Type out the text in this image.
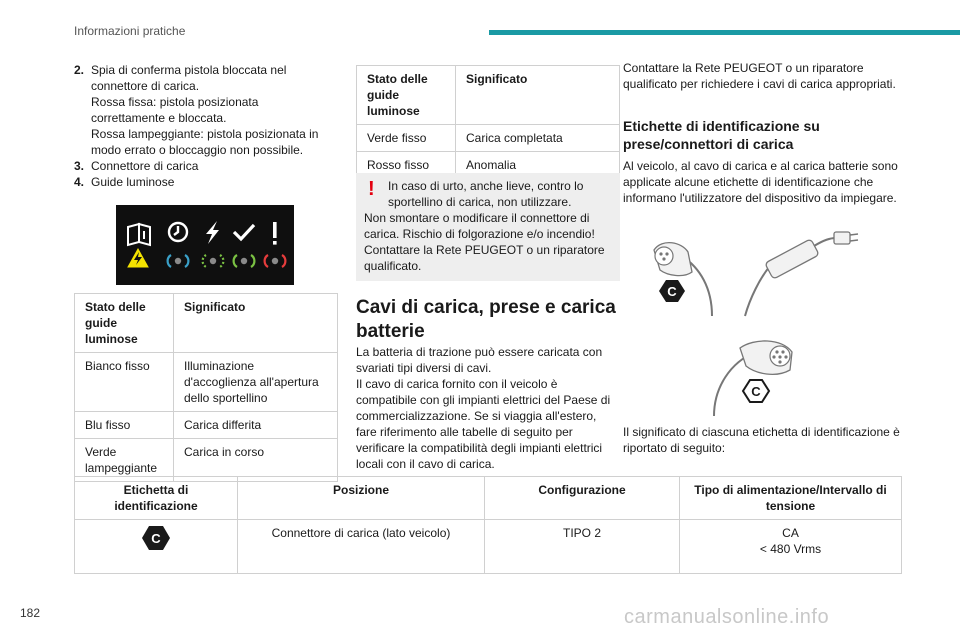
Informazioni pratiche
2. Spia di conferma pistola bloccata nel connettore di carica.
Rossa fissa: pistola posizionata correttamente e bloccata.
Rossa lampeggiante: pistola posizionata in modo errato o bloccaggio non possibile.
3. Connettore di carica
4. Guide luminose
Stato delle guide luminose	Significato
Bianco fisso	Illuminazione d'accoglienza all'apertura dello sportellino
Blu fisso	Carica differita
Verde lampeggiante	Carica in corso
Stato delle guide luminose	Significato
Verde fisso	Carica completata
Rosso fisso	Anomalia
!	In caso di urto, anche lieve, contro lo sportellino di carica, non utilizzare.
Non smontare o modificare il connettore di carica. Rischio di folgorazione e/o incendio!
Contattare la Rete PEUGEOT o un riparatore qualificato.
Cavi di carica, prese e carica batterie
La batteria di trazione può essere caricata con svariati tipi diversi di cavi.
Il cavo di carica fornito con il veicolo è compatibile con gli impianti elettrici del Paese di commercializzazione. Se si viaggia all'estero, fare riferimento alle tabelle di seguito per verificare la compatibilità degli impianti elettrici locali con il cavo di carica.
Contattare la Rete PEUGEOT o un riparatore qualificato per richiedere i cavi di carica appropriati.
Etichette di identificazione su prese/connettori di carica
Al veicolo, al cavo di carica e al carica batterie sono applicate alcune etichette di identificazione che informano l'utilizzatore del dispositivo da impiegare.
C
C
Il significato di ciascuna etichetta di identificazione è riportato di seguito:
Etichetta di identificazione	Posizione	Configurazione	Tipo di alimentazione/Intervallo di tensione

C	Connettore di carica (lato veicolo)	TIPO 2	CA
< 480 Vrms
182	carmanualsonline.info
